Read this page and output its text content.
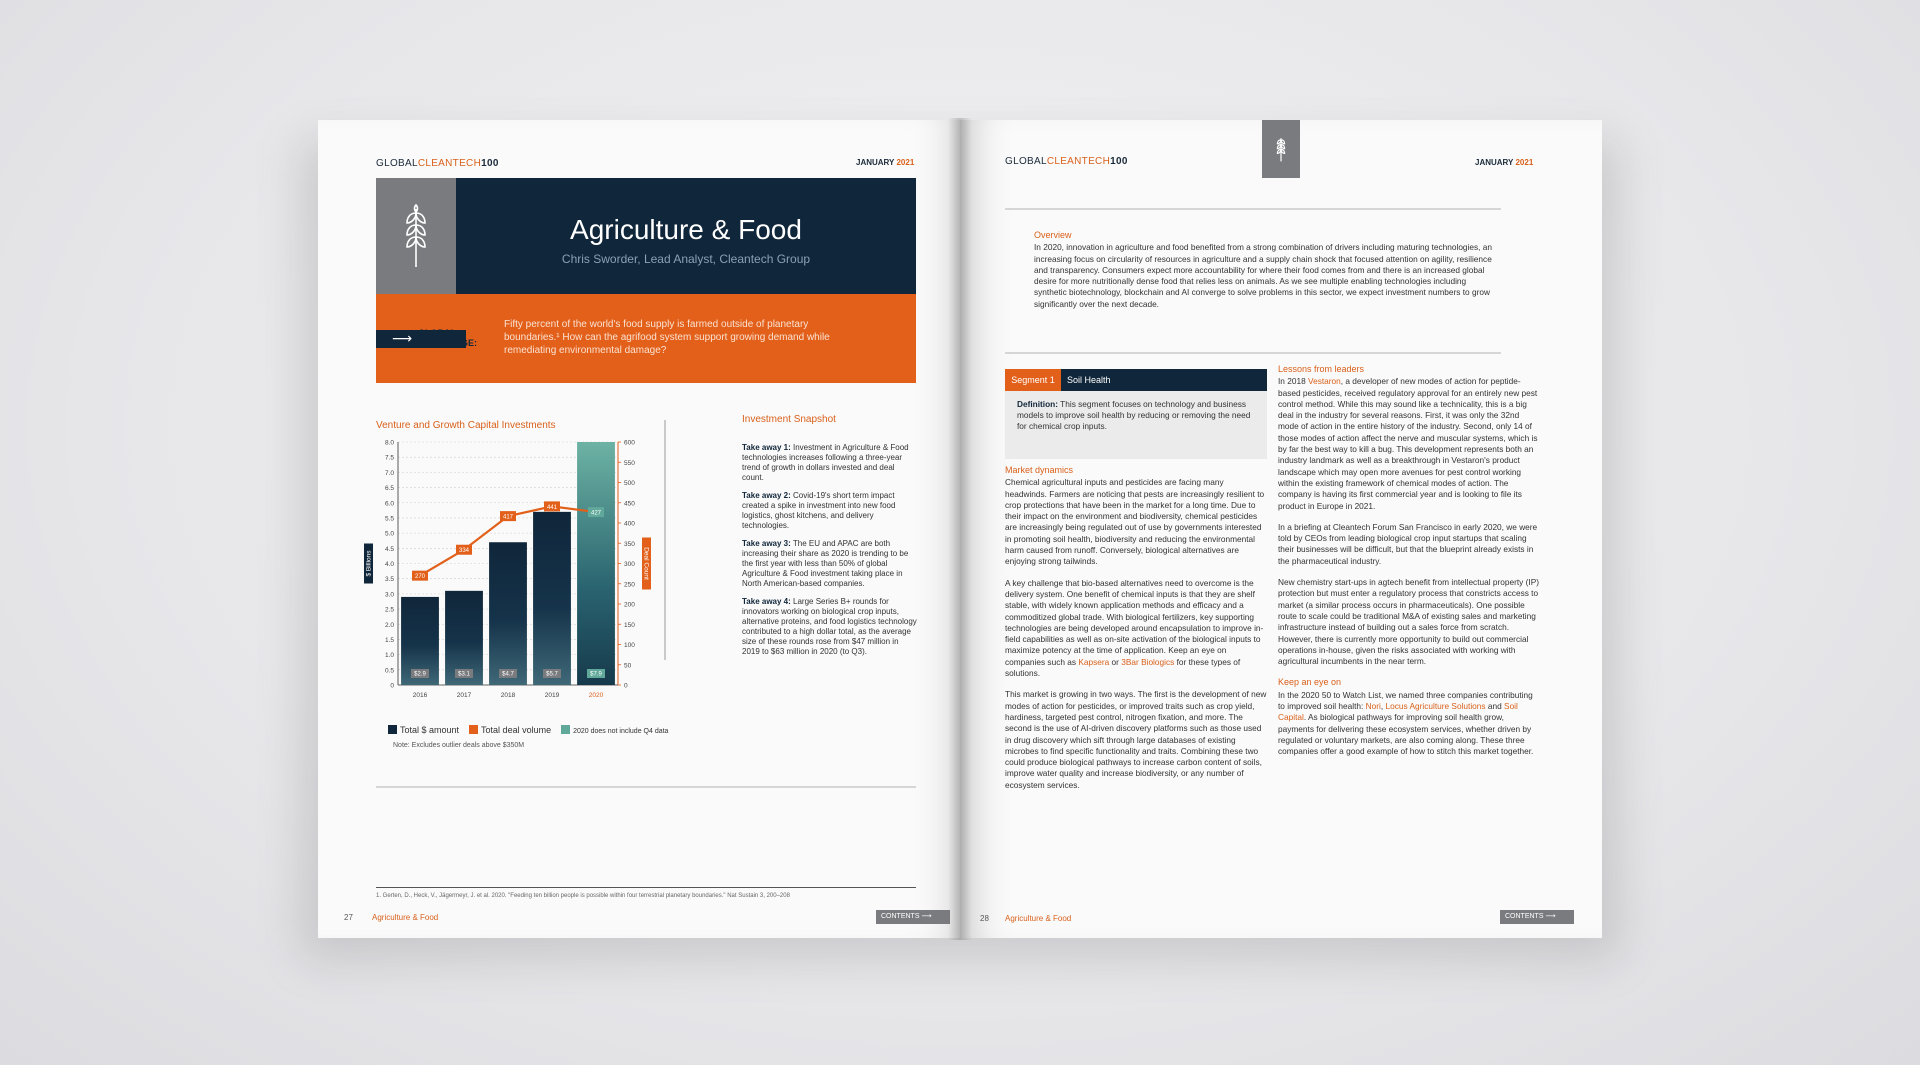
GLOBALCLEANTECH100	JANUARY 2021
Agriculture & Food
Chris Sworder, Lead Analyst, Cleantech Group
⟶ GLOBAL
CHALLENGE:
Fifty percent of the world's food supply is farmed outside of planetary boundaries.¹ How can the agrifood system support growing demand while remediating environmental damage?
Venture and Growth Capital Investments
0
0.5
1.0
1.5
2.0
2.5
3.0
3.5
4.0
4.5
5.0
5.5
6.0
6.5
7.0
7.5
8.0
0
50
100
150
200
250
300
350
400
450
500
550
600
$ Billions	Deal Count
$2.9
2016
$3.1
2017
$4.7
2018
$5.7
2019
$7.9
2020
270
334
417
441
427
Total $ amount	Total deal volume	2020 does not include Q4 data
Note: Excludes outlier deals above $350M
Investment Snapshot

Take away 1: Investment in Agriculture & Food technologies increases following a three-year trend of growth in dollars invested and deal count.

Take away 2: Covid-19's short term impact created a spike in investment into new food logistics, ghost kitchens, and delivery technologies.

Take away 3: The EU and APAC are both increasing their share as 2020 is trending to be the first year with less than 50% of global Agriculture & Food investment taking place in North American-based companies.

Take away 4: Large Series B+ rounds for innovators working on biological crop inputs, alternative proteins, and food logistics technology contributed to a high dollar total, as the average size of these rounds rose from $47 million in 2019 to $63 million in 2020 (to Q3).

1. Gerten, D., Heck, V., Jägermeyr, J. et al. 2020. "Feeding ten billion people is possible within four terrestrial planetary boundaries." Nat Sustain 3, 200–208
27 Agriculture & Food	CONTENTS ⟶
GLOBALCLEANTECH100	JANUARY 2021
Overview
In 2020, innovation in agriculture and food benefited from a strong combination of drivers including maturing technologies, an increasing focus on circularity of resources in agriculture and a supply chain shock that focused attention on agility, resilience and transparency. Consumers expect more accountability for where their food comes from and there is an increased global desire for more nutritionally dense food that relies less on animals. As we see multiple enabling technologies including synthetic biotechnology, blockchain and AI converge to solve problems in this sector, we expect investment numbers to grow significantly over the next decade.
Segment 1	Soil Health
Definition: This segment focuses on technology and business models to improve soil health by reducing or removing the need for chemical crop inputs.
Market dynamics

Chemical agricultural inputs and pesticides are facing many headwinds. Farmers are noticing that pests are increasingly resilient to crop protections that have been in the market for a long time. Due to their impact on the environment and biodiversity, chemical pesticides are increasingly being regulated out of use by governments interested in promoting soil health, biodiversity and reducing the environmental harm caused from runoff. Conversely, biological alternatives are enjoying strong tailwinds.

A key challenge that bio-based alternatives need to overcome is the delivery system. One benefit of chemical inputs is that they are shelf stable, with widely known application methods and efficacy and a commoditized global trade. With biological fertilizers, key supporting technologies are being developed around encapsulation to improve in-field capabilities as well as on-site activation of the biological inputs to maximize potency at the time of application. Keep an eye on companies such as Kapsera or 3Bar Biologics for these types of solutions.

This market is growing in two ways. The first is the development of new modes of action for pesticides, or improved traits such as crop yield, hardiness, targeted pest control, nitrogen fixation, and more. The second is the use of AI-driven discovery platforms such as those used in drug discovery which sift through large databases of existing microbes to find specific functionality and traits. Combining these two could produce biological pathways to increase carbon content of soils, improve water quality and increase biodiversity, or any number of ecosystem services.

Lessons from leaders

In 2018 Vestaron, a developer of new modes of action for peptide-based pesticides, received regulatory approval for an entirely new pest control method. While this may sound like a technicality, this is a big deal in the industry for several reasons. First, it was only the 32nd mode of action in the entire history of the industry. Second, only 14 of those modes of action affect the nerve and muscular systems, which is by far the best way to kill a bug. This development represents both an industry landmark as well as a breakthrough in Vestaron's product landscape which may open more avenues for pest control working within the existing framework of chemical modes of action. The company is having its first commercial year and is looking to file its product in Europe in 2021.

In a briefing at Cleantech Forum San Francisco in early 2020, we were told by CEOs from leading biological crop input startups that scaling their businesses will be difficult, but that the blueprint already exists in the pharmaceutical industry.

New chemistry start-ups in agtech benefit from intellectual property (IP) protection but must enter a regulatory process that constricts access to market (a similar process occurs in pharmaceuticals). One possible route to scale could be traditional M&A of existing sales and marketing infrastructure instead of building out a sales force from scratch. However, there is currently more opportunity to build out commercial operations in-house, given the risks associated with working with agricultural incumbents in the near term.

Keep an eye on

In the 2020 50 to Watch List, we named three companies contributing to improved soil health: Nori, Locus Agriculture Solutions and Soil Capital. As biological pathways for improving soil health grow, payments for delivering these ecosystem services, whether driven by regulated or voluntary markets, are also coming along. These three companies offer a good example of how to stitch this market together.

28 Agriculture & Food	CONTENTS ⟶
